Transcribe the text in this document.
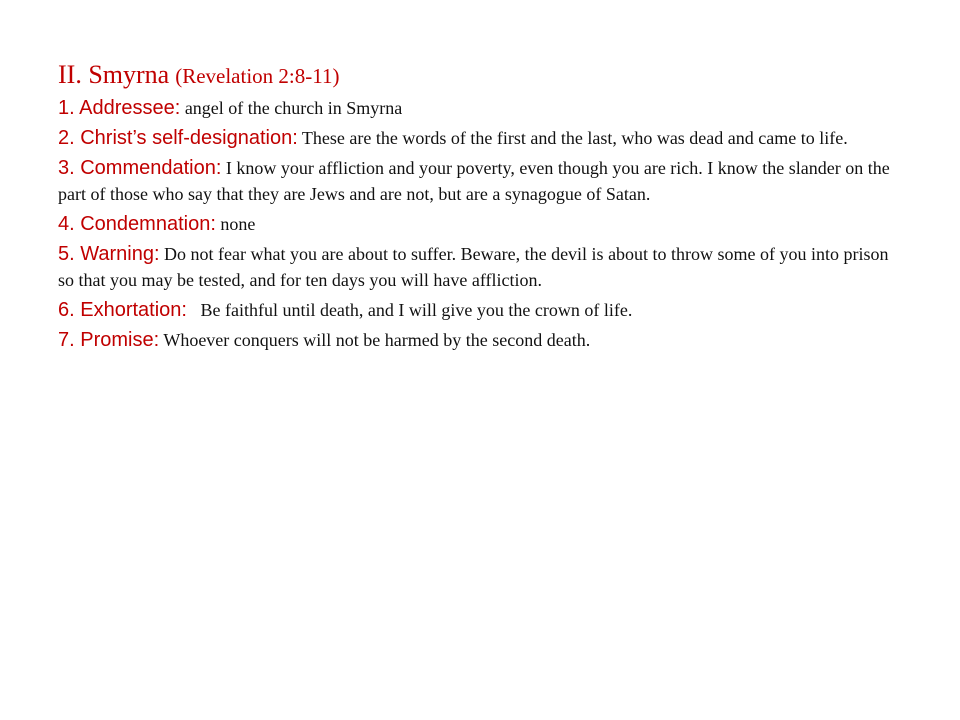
II. Smyrna (Revelation 2:8-11)
1. Addressee: angel of the church in Smyrna
2. Christ’s self-designation: These are the words of the first and the last, who was dead and came to life.
3. Commendation: I know your affliction and your poverty, even though you are rich. I know the slander on the part of those who say that they are Jews and are not, but are a synagogue of Satan.
4. Condemnation: none
5. Warning: Do not fear what you are about to suffer. Beware, the devil is about to throw some of you into prison so that you may be tested, and for ten days you will have affliction.
6. Exhortation:   Be faithful until death, and I will give you the crown of life.
7. Promise: Whoever conquers will not be harmed by the second death.
